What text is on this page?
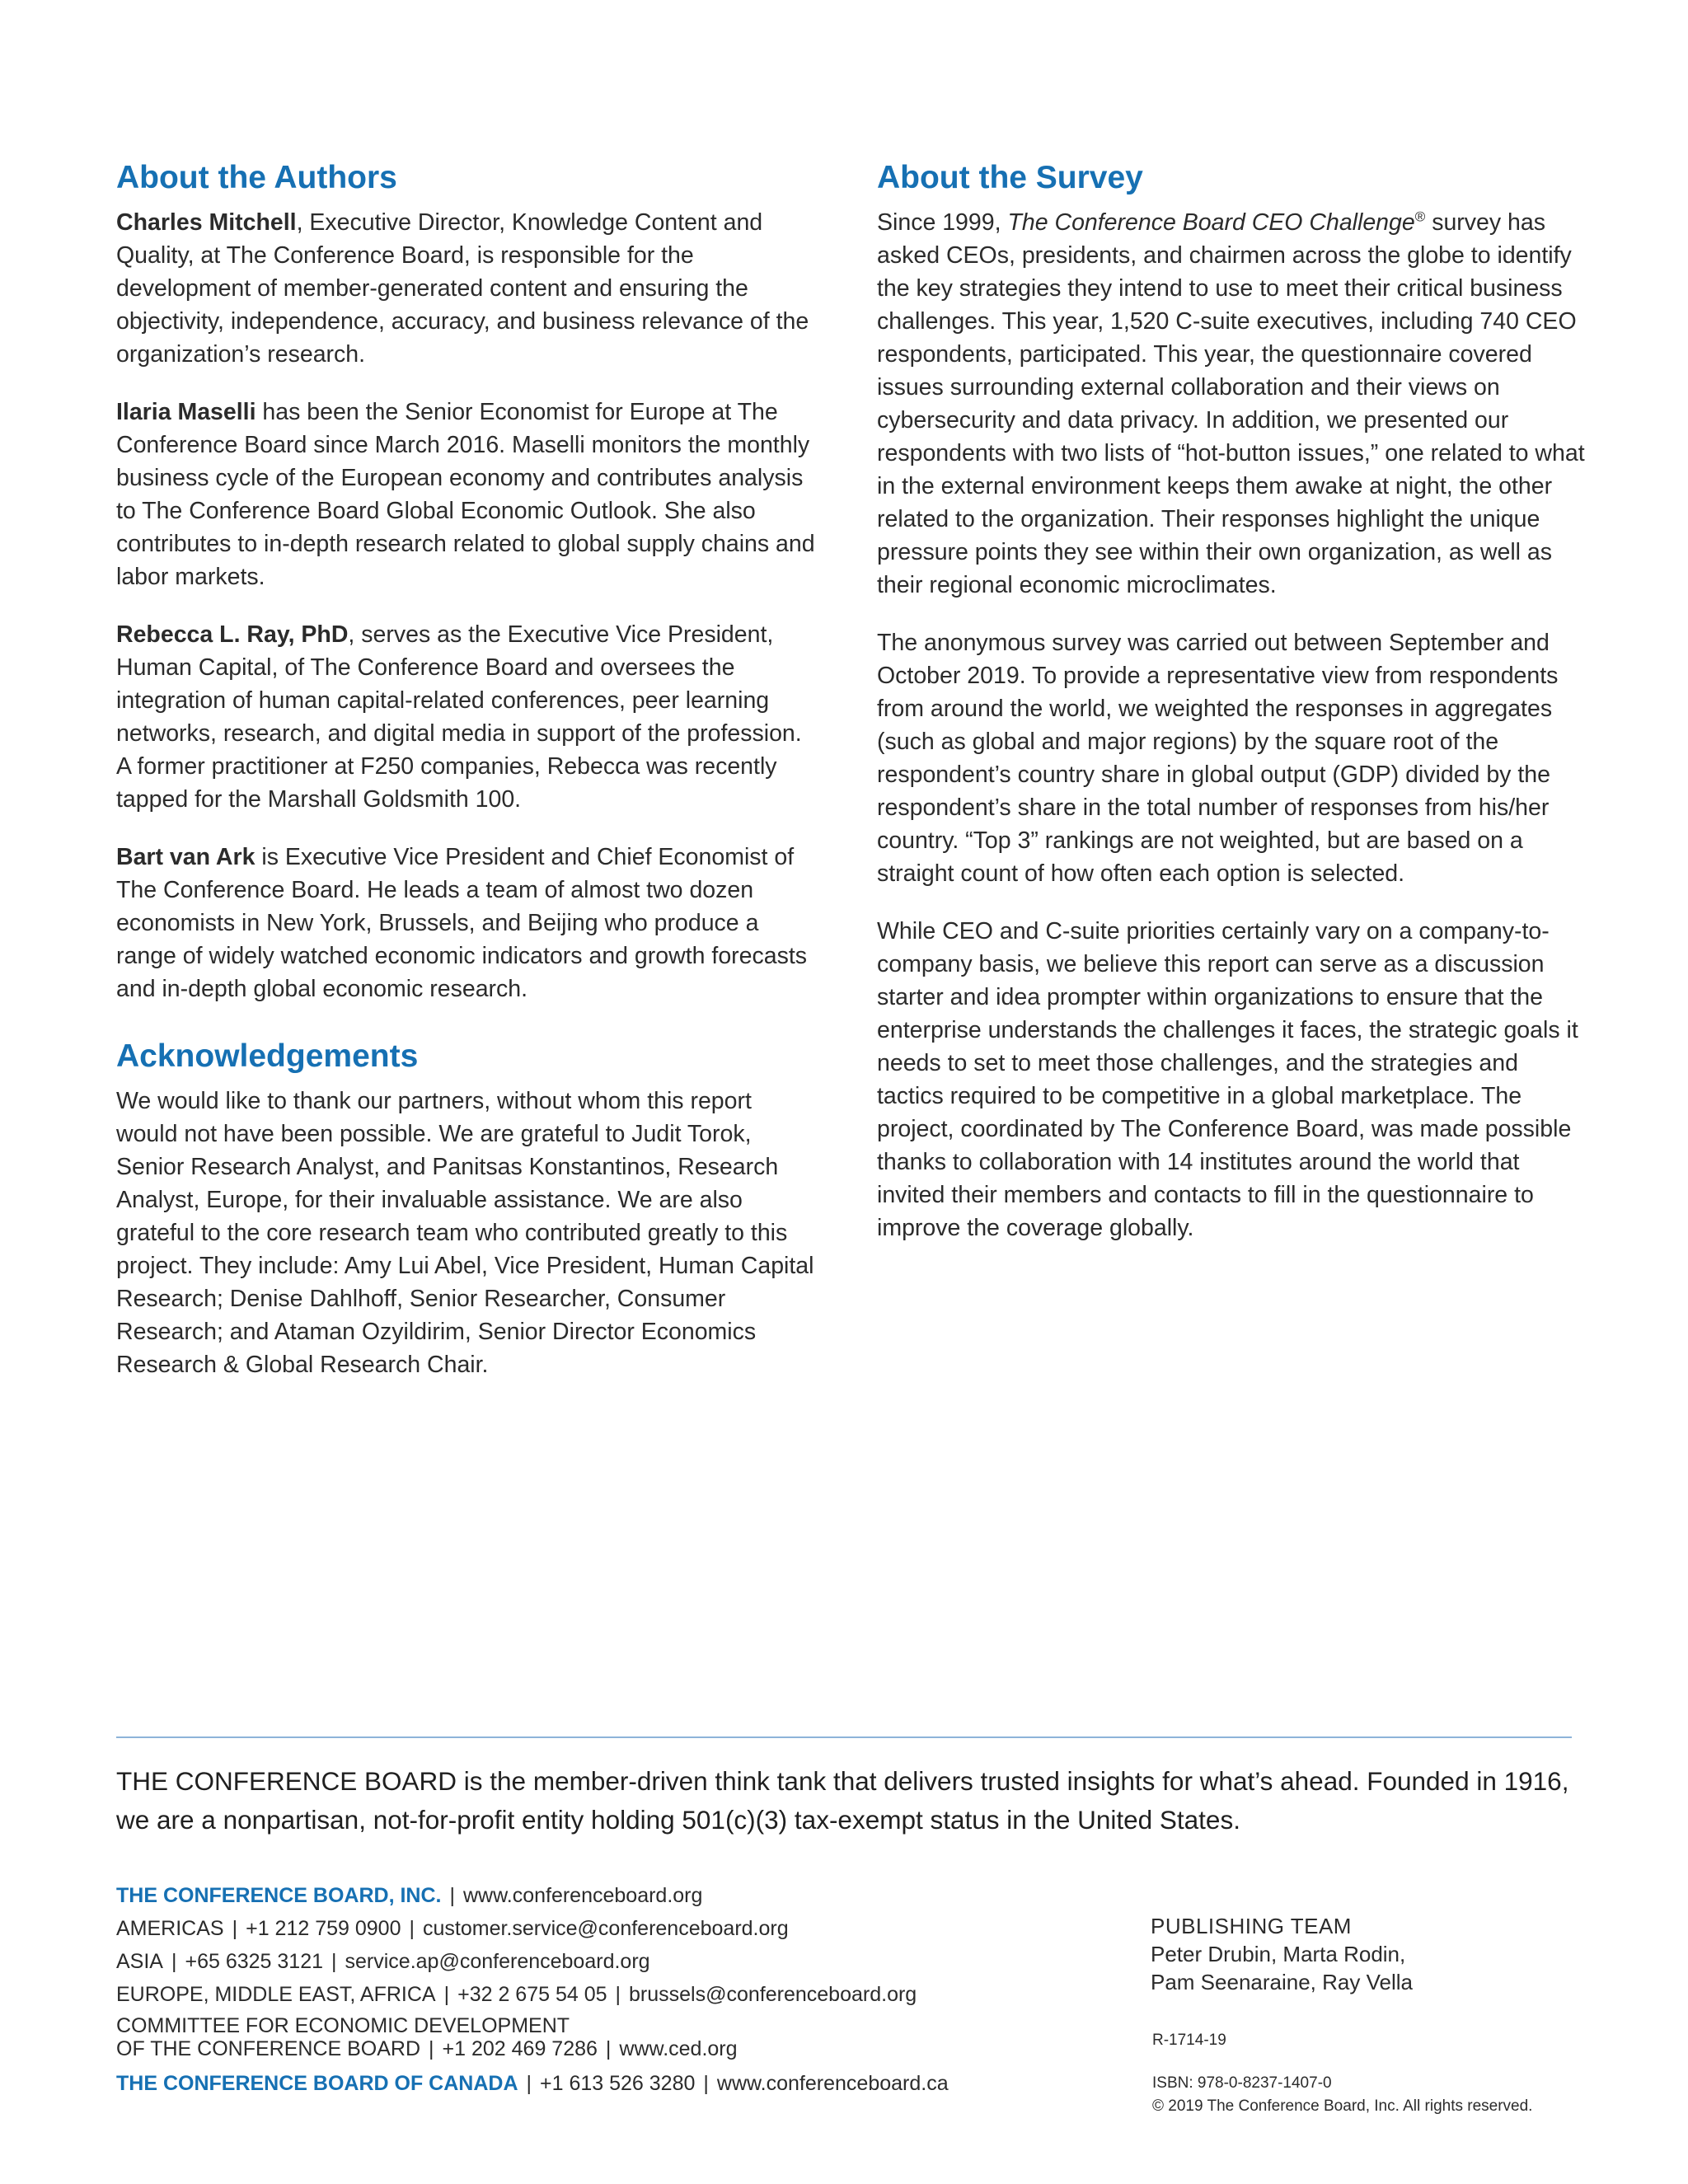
About the Authors

Charles Mitchell, Executive Director, Knowledge Content and Quality, at The Conference Board, is responsible for the development of member-generated content and ensuring the objectivity, independence, accuracy, and business relevance of the organization’s research.

Ilaria Maselli has been the Senior Economist for Europe at The Conference Board since March 2016. Maselli monitors the monthly business cycle of the European economy and contributes analysis to The Conference Board Global Economic Outlook. She also contributes to in-depth research related to global supply chains and labor markets.

Rebecca L. Ray, PhD, serves as the Executive Vice President, Human Capital, of The Conference Board and oversees the integration of human capital-related conferences, peer learning networks, research, and digital media in support of the profession. A former practitioner at F250 companies, Rebecca was recently tapped for the Marshall Goldsmith 100.

Bart van Ark is Executive Vice President and Chief Economist of The Conference Board. He leads a team of almost two dozen economists in New York, Brussels, and Beijing who produce a range of widely watched economic indicators and growth forecasts and in-depth global economic research.

Acknowledgements

We would like to thank our partners, without whom this report would not have been possible. We are grateful to Judit Torok, Senior Research Analyst, and Panitsas Konstantinos, Research Analyst, Europe, for their invaluable assistance. We are also grateful to the core research team who contributed greatly to this project. They include: Amy Lui Abel, Vice President, Human Capital Research; Denise Dahlhoff, Senior Researcher, Consumer Research; and Ataman Ozyildirim, Senior Director Economics Research & Global Research Chair.

About the Survey

Since 1999, The Conference Board CEO Challenge® survey has asked CEOs, presidents, and chairmen across the globe to identify the key strategies they intend to use to meet their critical business challenges. This year, 1,520 C-suite executives, including 740 CEO respondents, participated. This year, the questionnaire covered issues surrounding external collaboration and their views on cybersecurity and data privacy. In addition, we presented our respondents with two lists of “hot-button issues,” one related to what in the external environment keeps them awake at night, the other related to the organization. Their responses highlight the unique pressure points they see within their own organization, as well as their regional economic microclimates.

The anonymous survey was carried out between September and October 2019. To provide a representative view from respondents from around the world, we weighted the responses in aggregates (such as global and major regions) by the square root of the respondent’s country share in global output (GDP) divided by the respondent’s share in the total number of responses from his/her country. “Top 3” rankings are not weighted, but are based on a straight count of how often each option is selected.

While CEO and C-suite priorities certainly vary on a company-to-company basis, we believe this report can serve as a discussion starter and idea prompter within organizations to ensure that the enterprise understands the challenges it faces, the strategic goals it needs to set to meet those challenges, and the strategies and tactics required to be competitive in a global marketplace. The project, coordinated by The Conference Board, was made possible thanks to collaboration with 14 institutes around the world that invited their members and contacts to fill in the questionnaire to improve the coverage globally.

THE CONFERENCE BOARD is the member-driven think tank that delivers trusted insights for what’s ahead. Founded in 1916, we are a nonpartisan, not-for-profit entity holding 501(c)(3) tax-exempt status in the United States.

THE CONFERENCE BOARD, INC. | www.conferenceboard.org
AMERICAS | +1 212 759 0900 | customer.service@conferenceboard.org
ASIA | +65 6325 3121 | service.ap@conferenceboard.org
EUROPE, MIDDLE EAST, AFRICA | +32 2 675 54 05 | brussels@conferenceboard.org
COMMITTEE FOR ECONOMIC DEVELOPMENT
OF THE CONFERENCE BOARD | +1 202 469 7286 | www.ced.org
THE CONFERENCE BOARD OF CANADA | +1 613 526 3280 | www.conferenceboard.ca
PUBLISHING TEAM
Peter Drubin, Marta Rodin,
Pam Seenaraine, Ray Vella
R-1714-19
ISBN: 978-0-8237-1407-0
© 2019 The Conference Board, Inc. All rights reserved.
